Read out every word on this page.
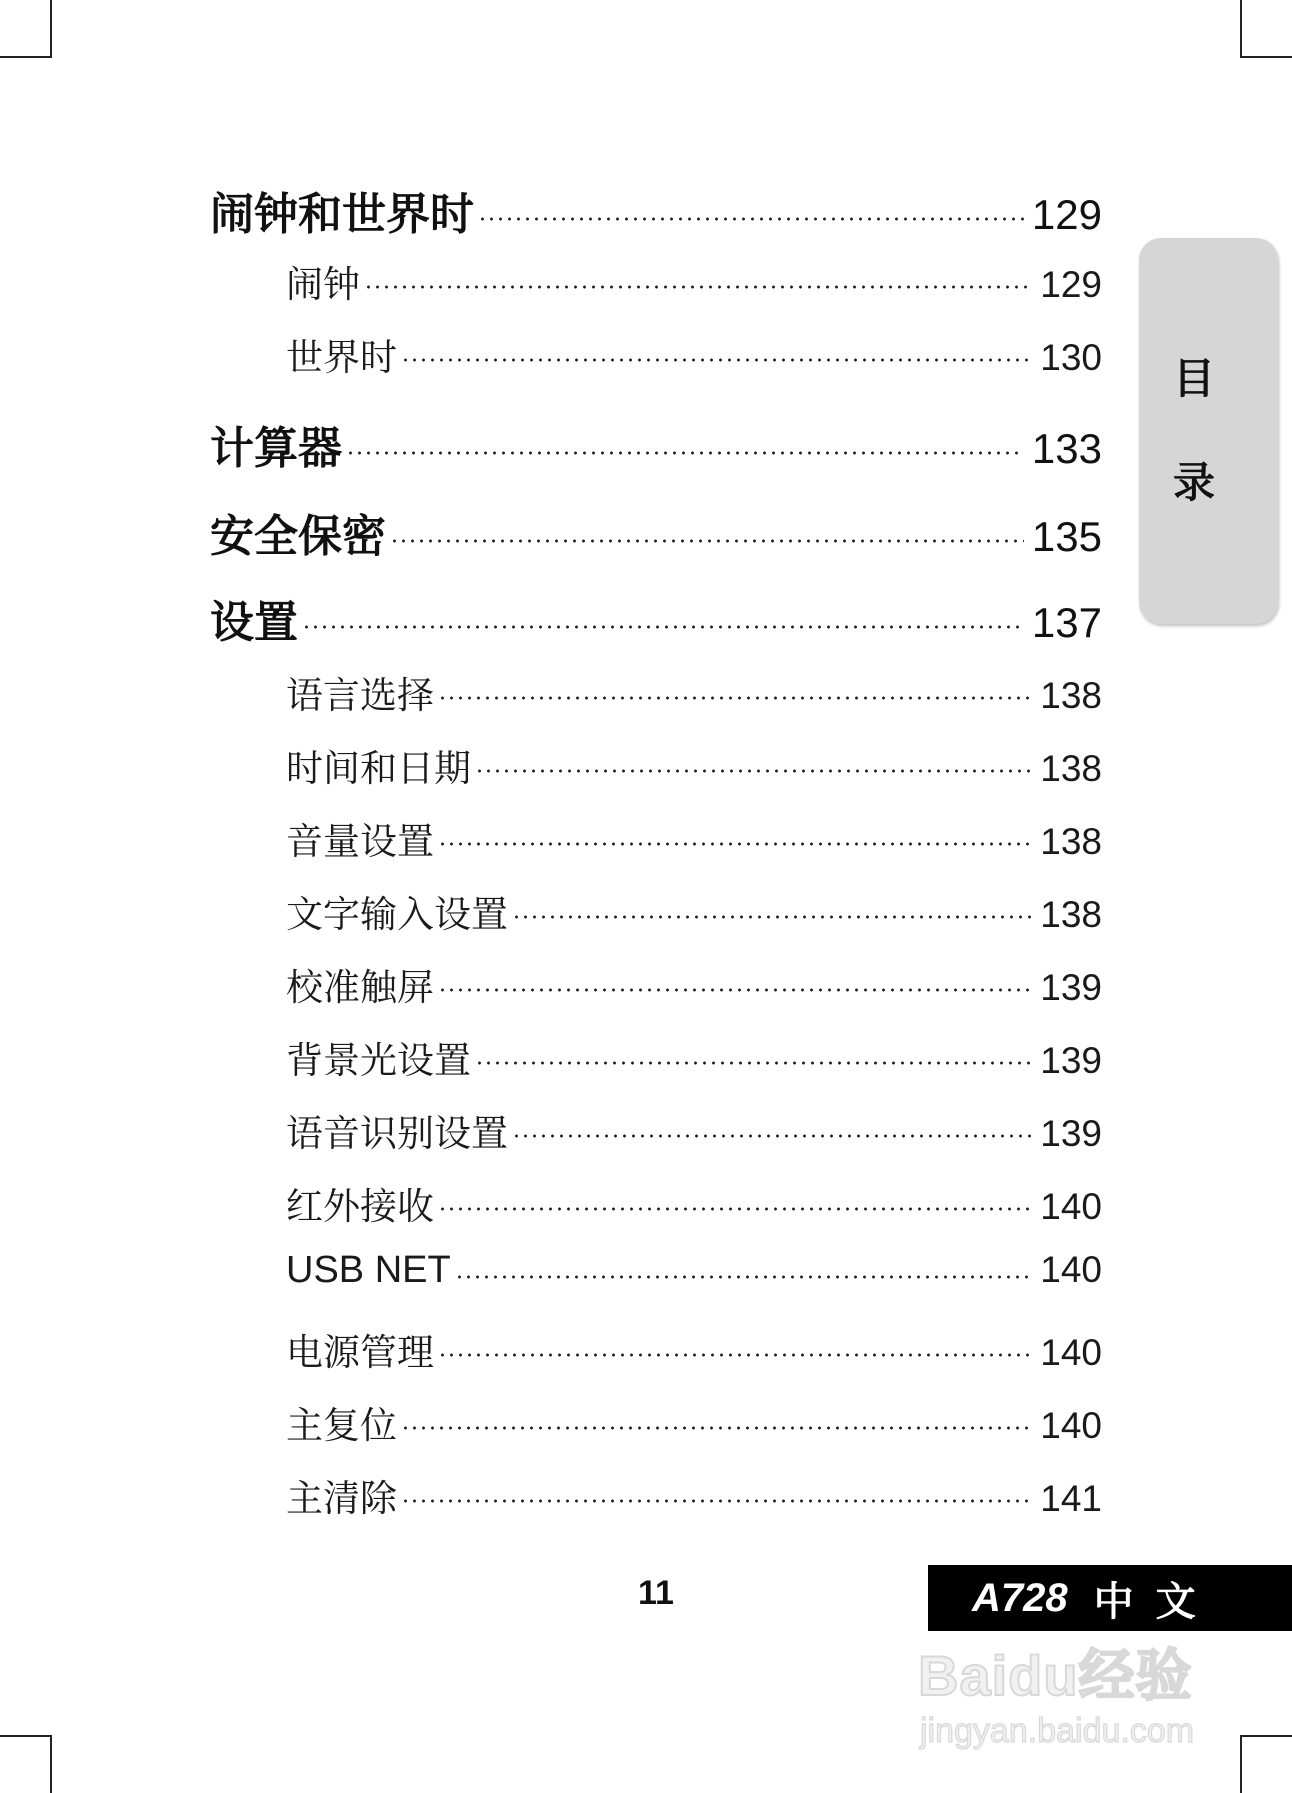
闹钟和世界时	129
闹钟	129
世界时	130
计算器	133
安全保密	135
设置	137
语言选择	138
时间和日期	138
音量设置	138
文字输入设置	138
校准触屏	139
背景光设置	139
语音识别设置	139
红外接收	140
USB NET	140
电源管理	140
主复位	140
主清除	141
目
录
11	A728 中文
Baidu经验
jingyan.baidu.com
